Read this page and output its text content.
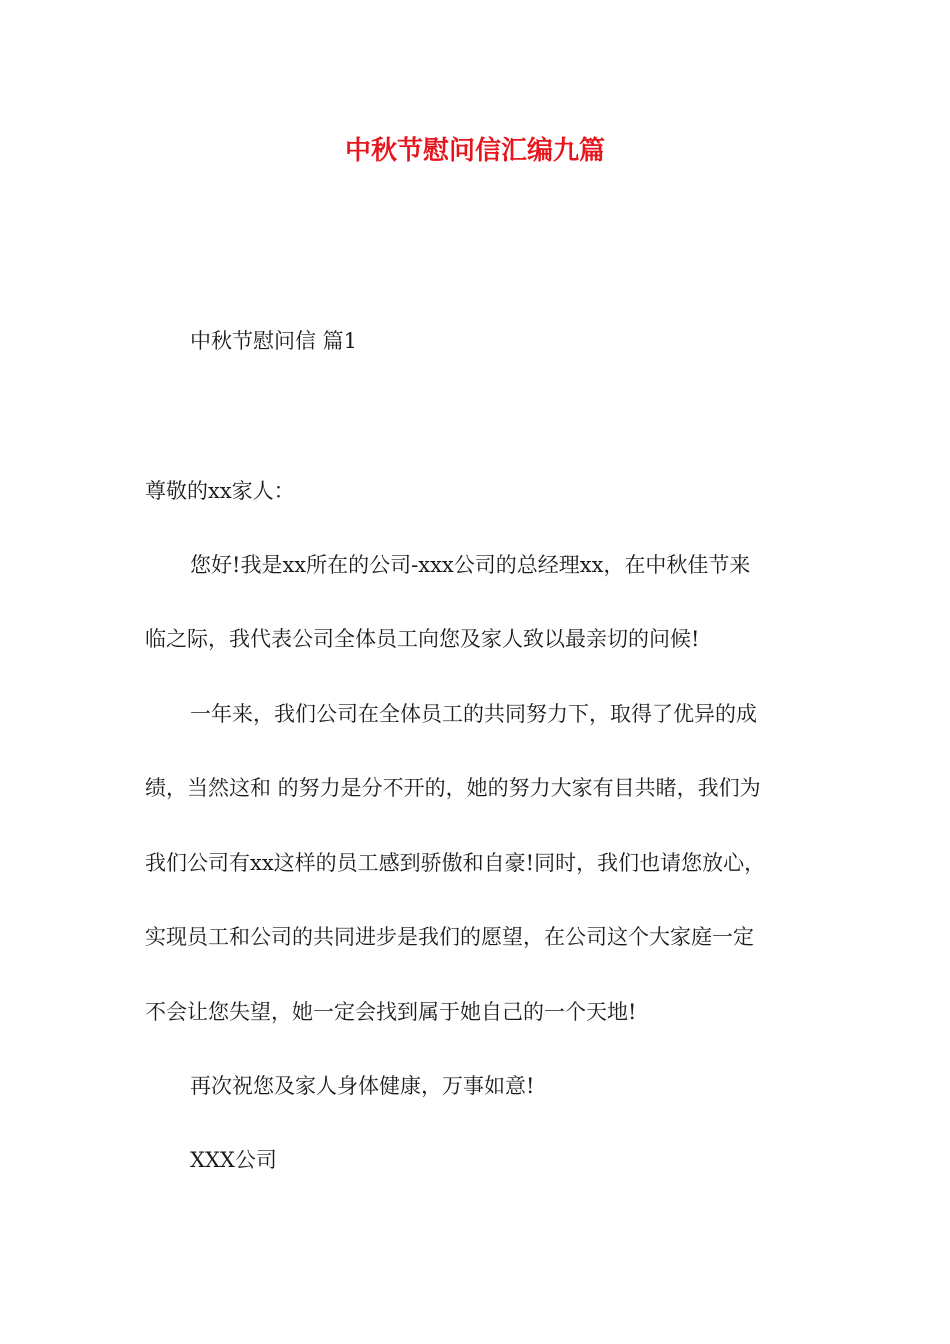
中秋节慰问信汇编九篇

中秋节慰问信 篇1

尊敬的xx家人：

您好!我是xx所在的公司-xxx公司的总经理xx，在中秋佳节来

临之际，我代表公司全体员工向您及家人致以最亲切的问候!

一年来，我们公司在全体员工的共同努力下，取得了优异的成

绩，当然这和 的努力是分不开的，她的努力大家有目共睹，我们为

我们公司有xx这样的员工感到骄傲和自豪!同时，我们也请您放心，

实现员工和公司的共同进步是我们的愿望，在公司这个大家庭一定

不会让您失望，她一定会找到属于她自己的一个天地!

再次祝您及家人身体健康，万事如意!

XXX公司
